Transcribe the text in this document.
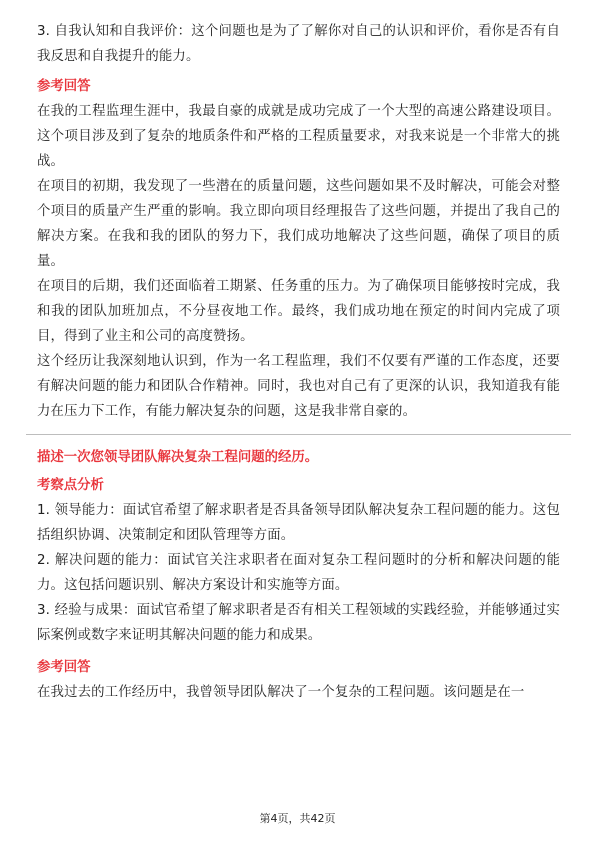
3. 自我认知和自我评价：这个问题也是为了了解你对自己的认识和评价，看你是否有自我反思和自我提升的能力。

参考回答

在我的工程监理生涯中，我最自豪的成就是成功完成了一个大型的高速公路建设项目。这个项目涉及到了复杂的地质条件和严格的工程质量要求，对我来说是一个非常大的挑战。

在项目的初期，我发现了一些潜在的质量问题，这些问题如果不及时解决，可能会对整个项目的质量产生严重的影响。我立即向项目经理报告了这些问题，并提出了我自己的解决方案。在我和我的团队的努力下，我们成功地解决了这些问题，确保了项目的质量。

在项目的后期，我们还面临着工期紧、任务重的压力。为了确保项目能够按时完成，我和我的团队加班加点，不分昼夜地工作。最终，我们成功地在预定的时间内完成了项目，得到了业主和公司的高度赞扬。

这个经历让我深刻地认识到，作为一名工程监理，我们不仅要有严谨的工作态度，还要有解决问题的能力和团队合作精神。同时，我也对自己有了更深的认识，我知道我有能力在压力下工作，有能力解决复杂的问题，这是我非常自豪的。

描述一次您领导团队解决复杂工程问题的经历。
考察点分析

1. 领导能力：面试官希望了解求职者是否具备领导团队解决复杂工程问题的能力。这包括组织协调、决策制定和团队管理等方面。

2. 解决问题的能力：面试官关注求职者在面对复杂工程问题时的分析和解决问题的能力。这包括问题识别、解决方案设计和实施等方面。

3. 经验与成果：面试官希望了解求职者是否有相关工程领域的实践经验，并能够通过实际案例或数字来证明其解决问题的能力和成果。

参考回答

在我过去的工作经历中，我曾领导团队解决了一个复杂的工程问题。该问题是在一

第4页，共42页
